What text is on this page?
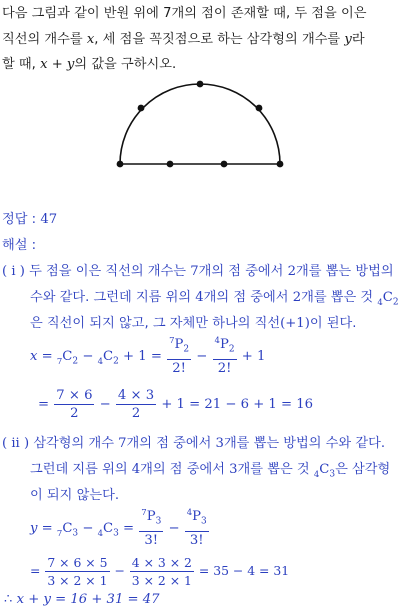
다음 그림과 같이 반원 위에 7개의 점이 존재할 때, 두 점을 이은
직선의 개수를 x, 세 점을 꼭짓점으로 하는 삼각형의 개수를 y라
할 때, x + y의 값을 구하시오.
정답 : 47
해설 :
( i ) 두 점을 이은 직선의 개수는 7개의 점 중에서 2개를 뽑는 방법의
수와 같다. 그런데 지름 위의 4개의 점 중에서 2개를 뽑은 것 $_4C_2$
은 직선이 되지 않고, 그 자체만 하나의 직선(+1)이 된다.
$x = _7C_2 - _4C_2 + 1 = \frac{^7P_2}{2!} - \frac{^4P_2}{2!} + 1$
= $\frac{7 \times 6}{2} - \frac{4 \times 3}{2} + 1 = 21 - 6 + 1 = 16$
( ii ) 삼각형의 개수 7개의 점 중에서 3개를 뽑는 방법의 수와 같다.
그런데 지름 위의 4개의 점 중에서 3개를 뽑은 것 $_4C_3$은 삼각형
이 되지 않는다.
$y = _7C_3 - _4C_3 = \frac{^7P_3}{3!} - \frac{^4P_3}{3!}$
= $\frac{7 \times 6 \times 5}{3 \times 2 \times 1} - \frac{4 \times 3 \times 2}{3 \times 2 \times 1} = 35 - 4 = 31$
∴ x + y = 16 + 31 = 47
